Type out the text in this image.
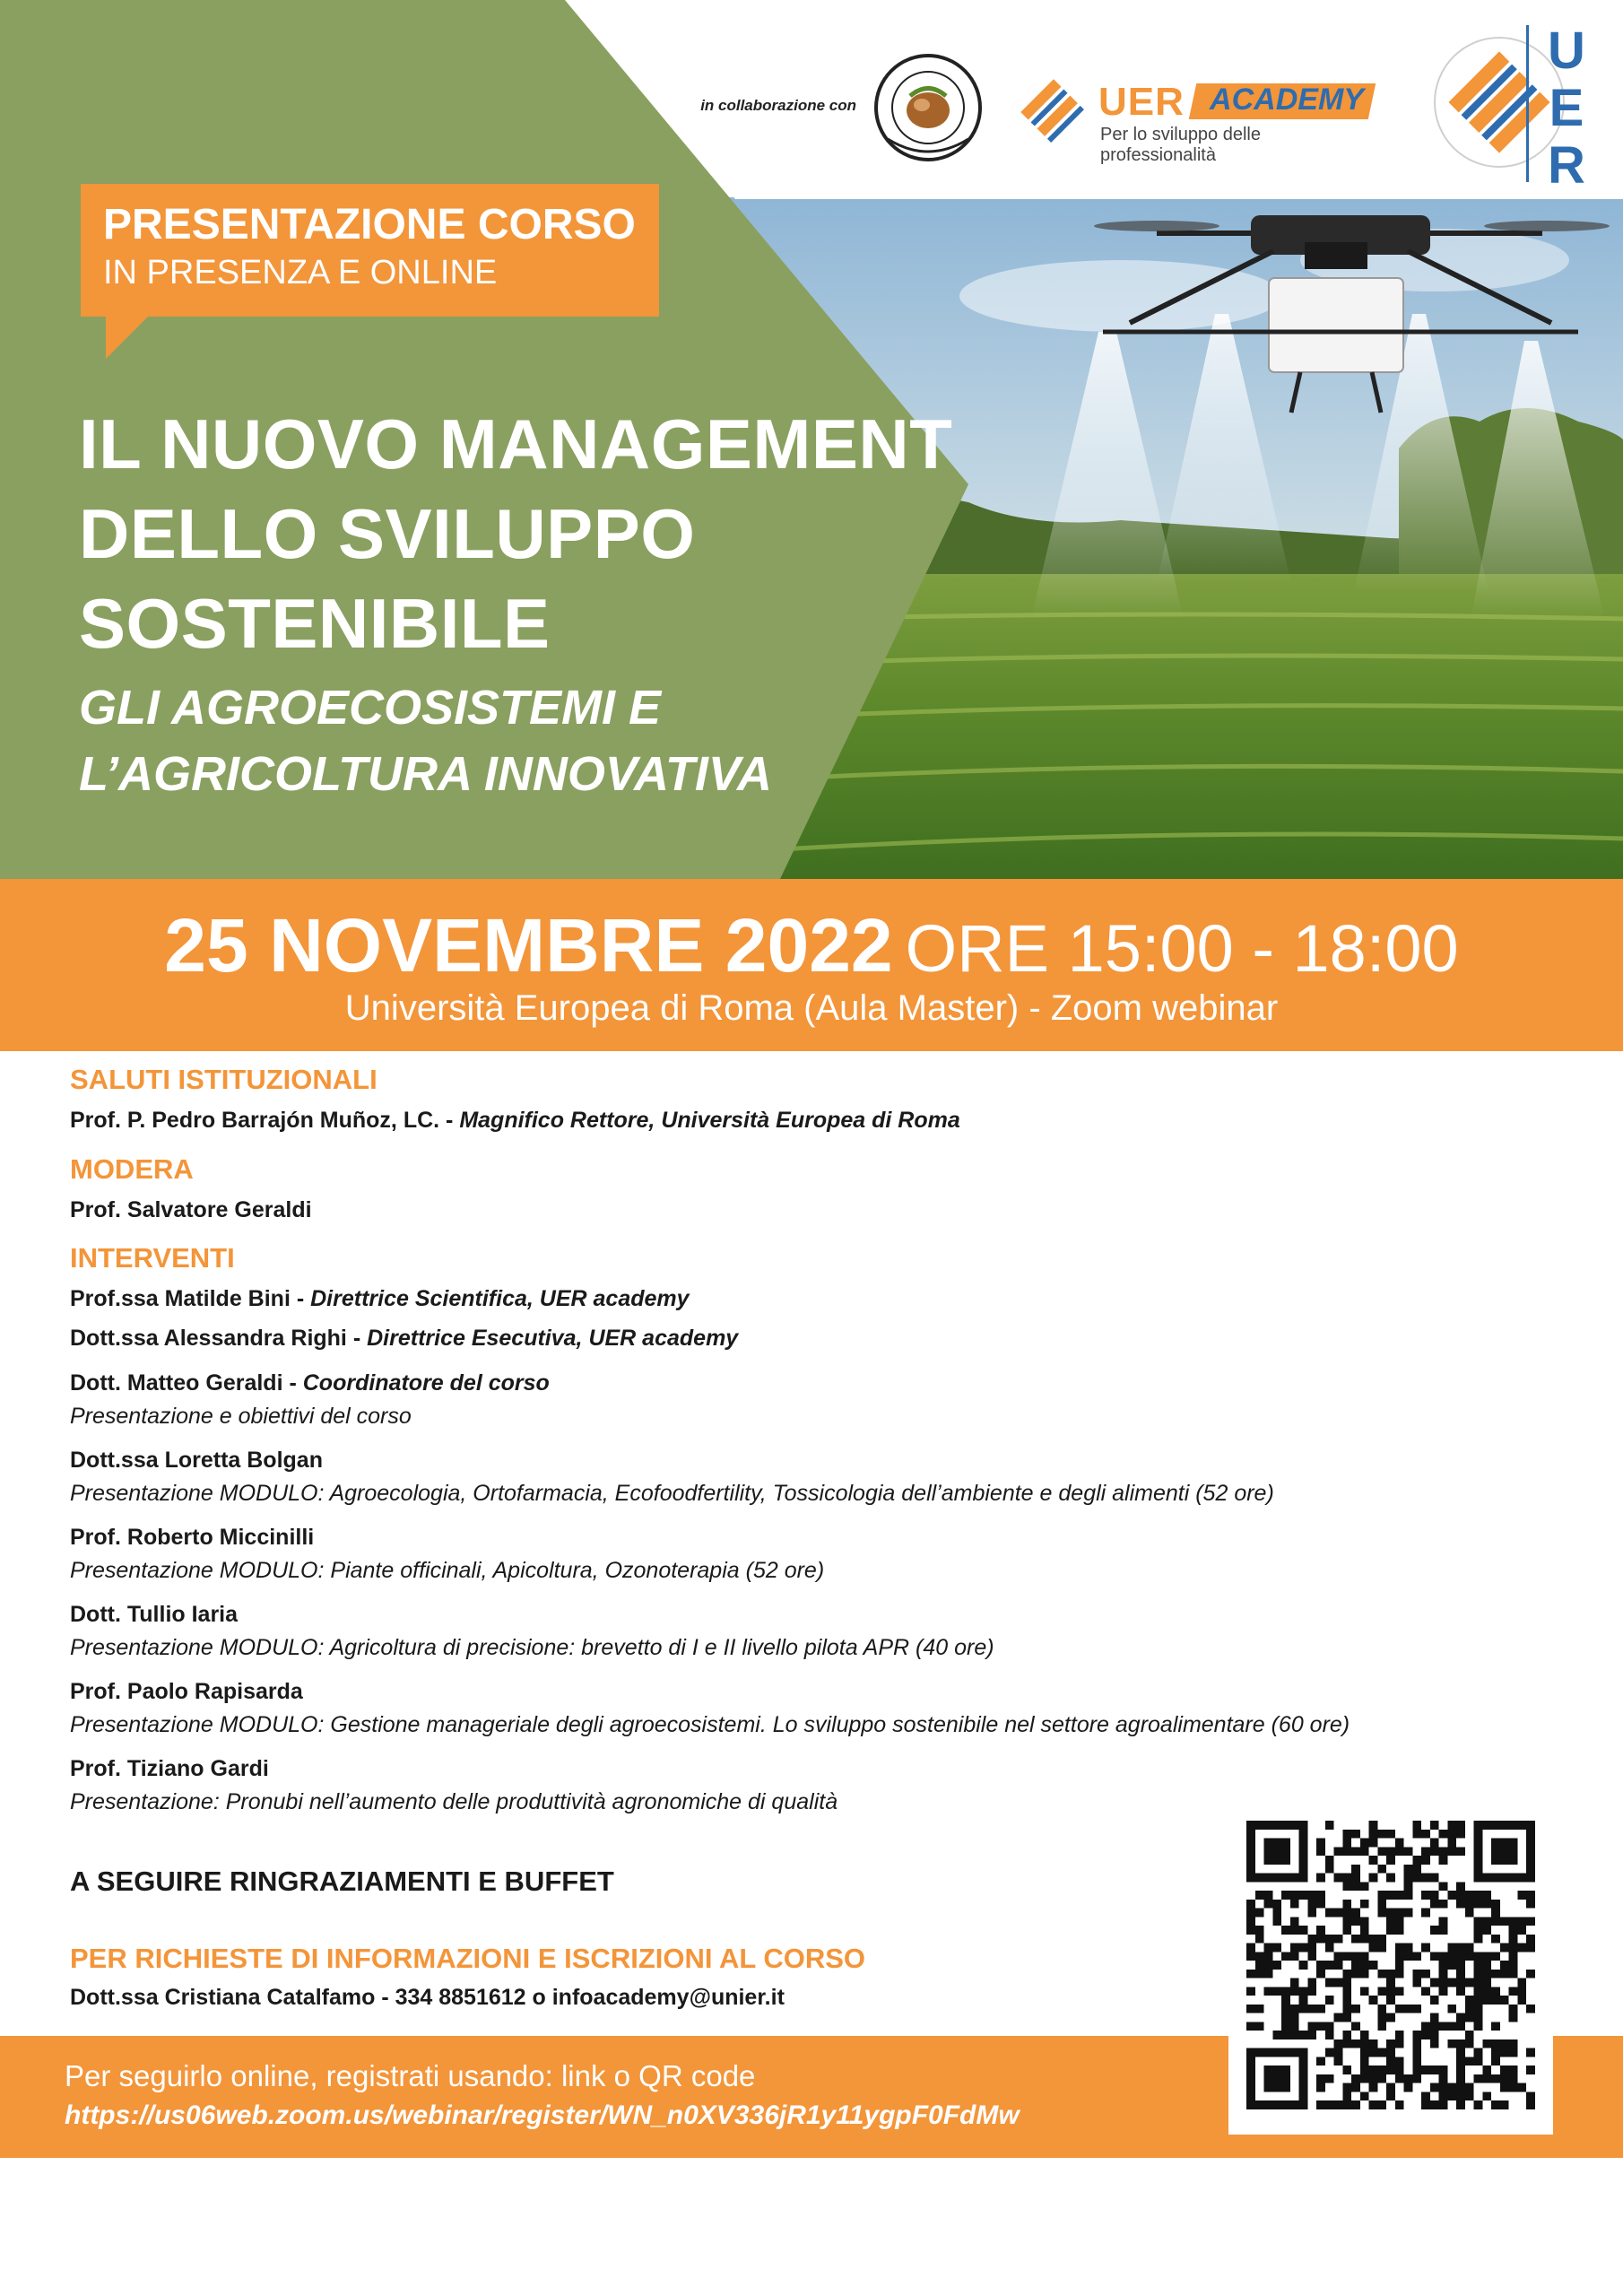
in collaborazione con	UER ACADEMY
Per lo sviluppo delle professionalità
U
E
R
PRESENTAZIONE CORSO
IN PRESENZA E ONLINE
IL NUOVO MANAGEMENT
DELLO SVILUPPO
SOSTENIBILE
GLI AGROECOSISTEMI E
L’AGRICOLTURA INNOVATIVA
25 NOVEMBRE 2022 ORE 15:00 - 18:00
Università Europea di Roma (Aula Master) - Zoom webinar
SALUTI ISTITUZIONALI
Prof. P. Pedro Barrajón Muñoz, LC. - Magnifico Rettore, Università Europea di Roma
MODERA
Prof. Salvatore Geraldi
INTERVENTI
Prof.ssa Matilde Bini - Direttrice Scientifica, UER academy
Dott.ssa Alessandra Righi - Direttrice Esecutiva, UER academy
Dott. Matteo Geraldi - Coordinatore del corso
Presentazione e obiettivi del corso
Dott.ssa Loretta Bolgan
Presentazione MODULO: Agroecologia, Ortofarmacia, Ecofoodfertility, Tossicologia dell’ambiente e degli alimenti (52 ore)
Prof. Roberto Miccinilli
Presentazione MODULO: Piante officinali, Apicoltura, Ozonoterapia (52 ore)
Dott. Tullio Iaria
Presentazione MODULO: Agricoltura di precisione: brevetto di I e II livello pilota APR (40 ore)
Prof. Paolo Rapisarda
Presentazione MODULO: Gestione manageriale degli agroecosistemi. Lo sviluppo sostenibile nel settore agroalimentare (60 ore)
Prof. Tiziano Gardi
Presentazione: Pronubi nell’aumento delle produttività agronomiche di qualità
A SEGUIRE RINGRAZIAMENTI E BUFFET
PER RICHIESTE DI INFORMAZIONI E ISCRIZIONI AL CORSO
Dott.ssa Cristiana Catalfamo - 334 8851612 o infoacademy@unier.it
Per seguirlo online, registrati usando: link o QR code
https://us06web.zoom.us/webinar/register/WN_n0XV336jR1y11ygpF0FdMw
